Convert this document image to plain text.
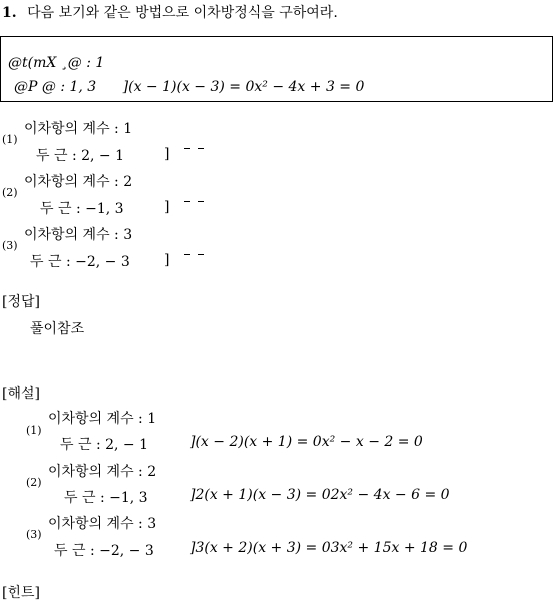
1. 다음 보기와 같은 방법으로 이차방정식을 구하여라.
@t(mX ¸@ : 1
@P @ : 1, 3 ](x − 1)(x − 3) = 0x² − 4x + 3 = 0
(1)
이차항의 계수 : 1
두 근 : 2, − 1	]
(2)
이차항의 계수 : 2
두 근 : −1, 3	]
(3)
이차항의 계수 : 3
두 근 : −2, − 3 ]
[정답]
풀이참조
[해설]
(1)
이차항의 계수 : 1
두 근 : 2, − 1	](x − 2)(x + 1) = 0x² − x − 2 = 0
(2)
이차항의 계수 : 2
두 근 : −1, 3	]2(x + 1)(x − 3) = 02x² − 4x − 6 = 0
(3)
이차항의 계수 : 3
두 근 : −2, − 3	]3(x + 2)(x + 3) = 03x² + 15x + 18 = 0
[힌트]
